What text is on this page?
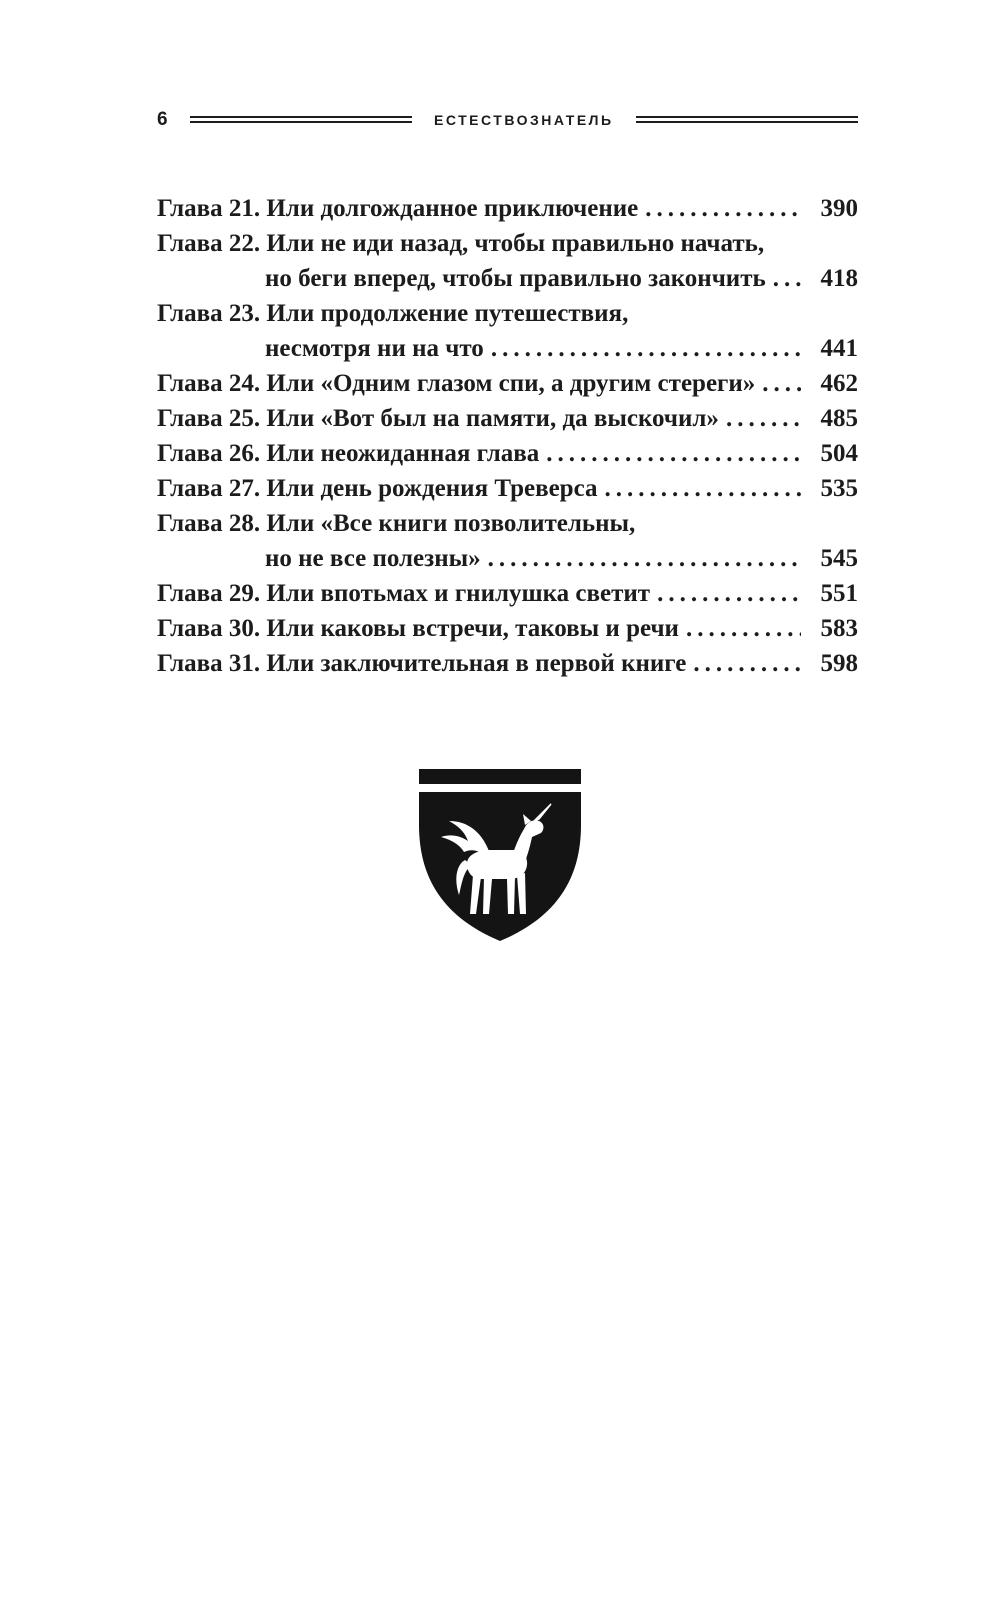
6	ЕСТЕСТВОЗНАТЕЛЬ
Глава 21. Или долгожданное приключение .....	390
Глава 22. Или не иди назад, чтобы правильно начать,
но беги вперед, чтобы правильно закончить .....	418
Глава 23. Или продолжение путешествия,
несмотря ни на что .....	441
Глава 24. Или «Одним глазом спи, а другим стереги» .....	462
Глава 25. Или «Вот был на памяти, да выскочил» .....	485
Глава 26. Или неожиданная глава .....	504
Глава 27. Или день рождения Треверса .....	535
Глава 28. Или «Все книги позволительны,
но не все полезны» .....	545
Глава 29. Или впотьмах и гнилушка светит .....	551
Глава 30. Или каковы встречи, таковы и речи .....	583
Глава 31. Или заключительная в первой книге .....	598
